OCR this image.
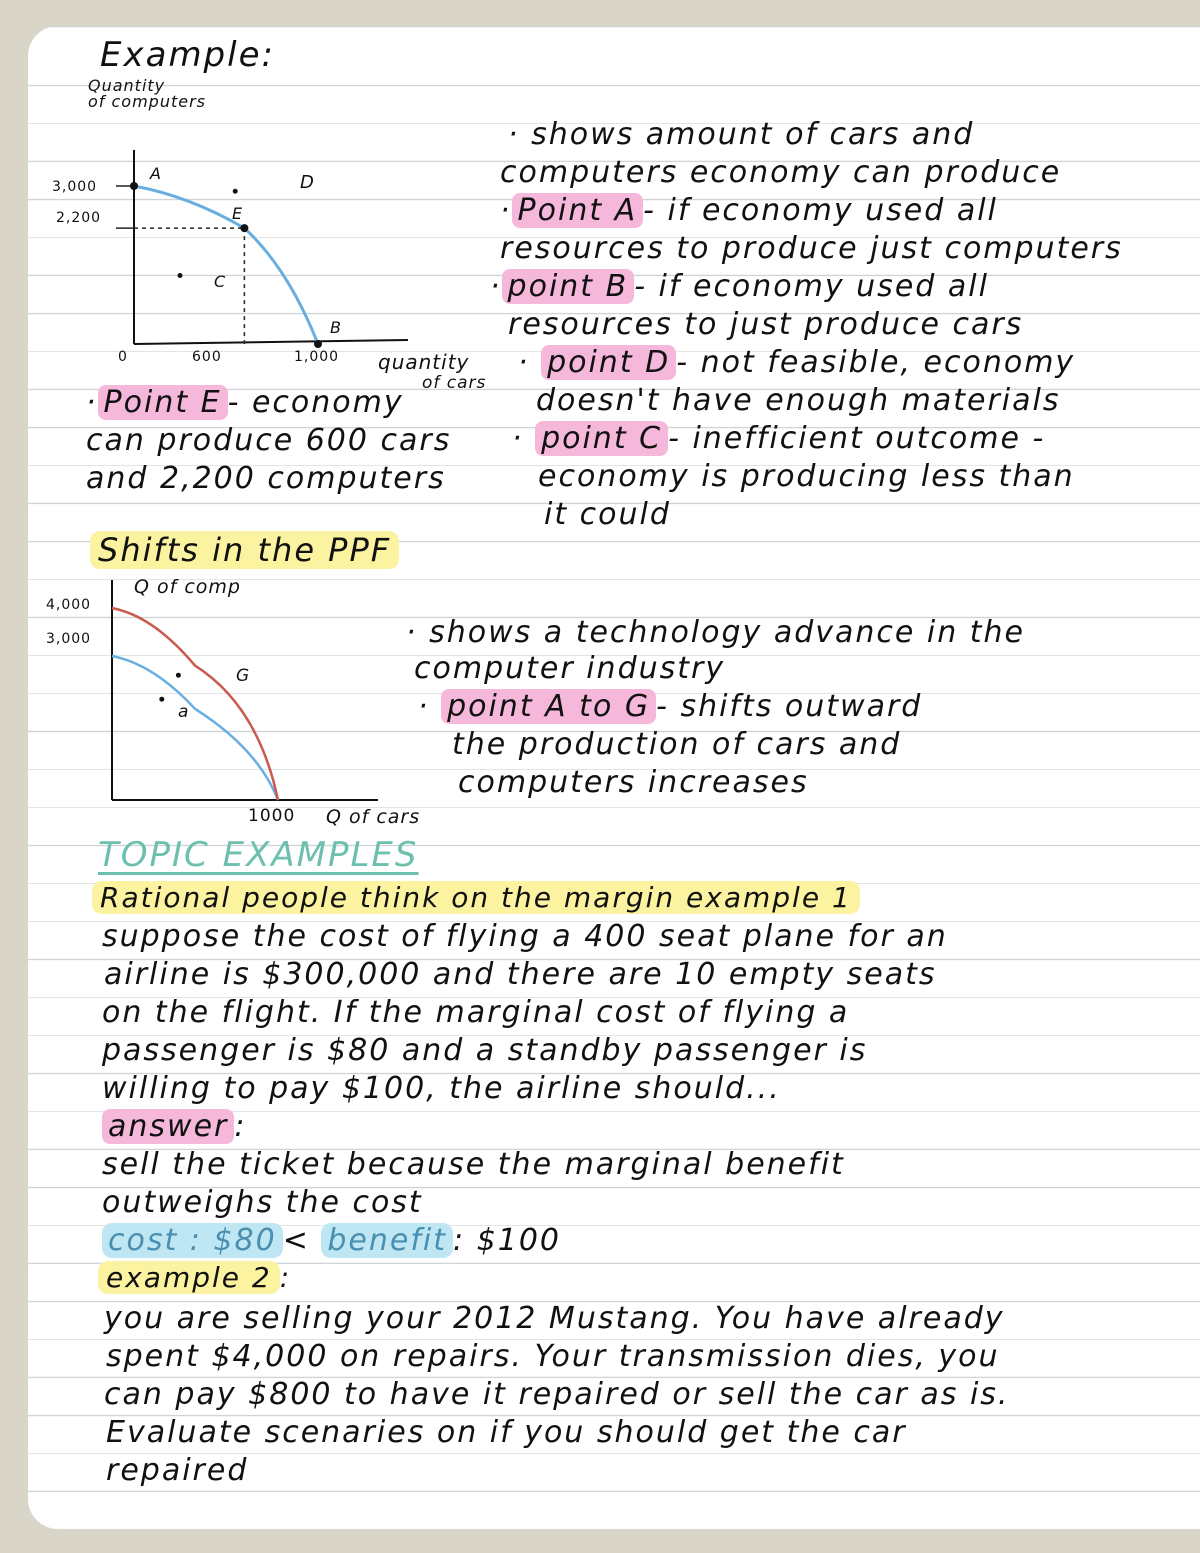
Example:
Quantity
of computers
3,000
2,200
0	600	1,000 quantity
of cars
A
E
D
C
B
· shows amount of cars and
computers economy can produce
· Point A - if economy used all
resources to produce just computers
· point B - if economy used all
resources to just produce cars
· point D - not feasible, economy
doesn't have enough materials
· point C - inefficient outcome -
economy is producing less than
it could
· Point E - economy
can produce 600 cars
and 2,200 computers
Shifts in the PPF
Q of comp
4,000
3,000
a
G
1000 Q of cars
· shows a technology advance in the
computer industry
· point A to G - shifts outward
the production of cars and
computers increases
TOPIC EXAMPLES
Rational people think on the margin example 1
suppose the cost of flying a 400 seat plane for an
airline is $300,000 and there are 10 empty seats
on the flight. If the marginal cost of flying a
passenger is $80 and a standby passenger is
willing to pay $100, the airline should...
answer :
sell the ticket because the marginal benefit
outweighs the cost
cost : $80 < benefit : $100
example 2 :
you are selling your 2012 Mustang. You have already
spent $4,000 on repairs. Your transmission dies, you
can pay $800 to have it repaired or sell the car as is.
Evaluate scenaries on if you should get the car
repaired
